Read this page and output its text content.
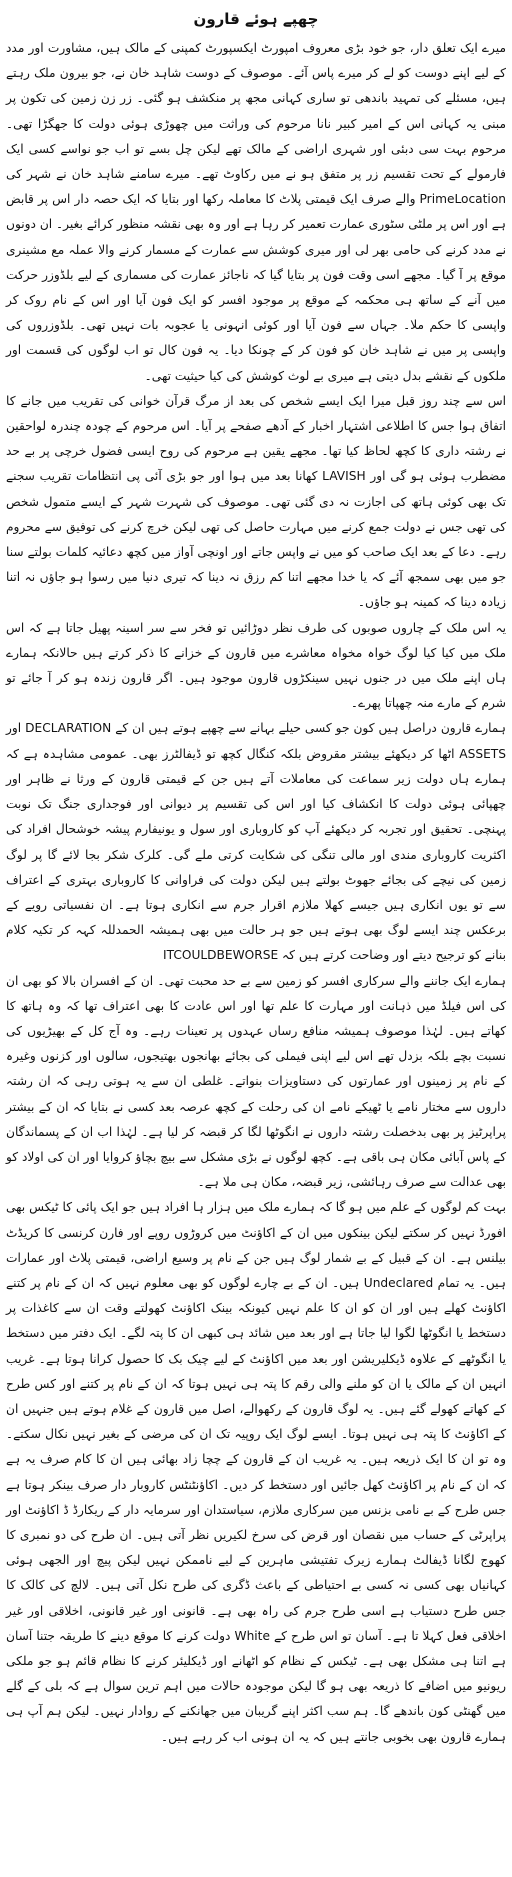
چھپے ہوئے قارون

میرے ایک تعلق دار، جو خود بڑی معروف امپورٹ ایکسپورٹ کمپنی کے مالک ہیں، مشاورت اور مدد کے لیے اپنے دوست کو لے کر میرے پاس آئے۔ موصوف کے دوست شاہد خان نے، جو بیرون ملک رہتے ہیں، مسئلے کی تمہید باندھی تو ساری کہانی مجھ پر منکشف ہو گئی۔ زر زن زمین کی تکون پر مبنی یہ کہانی اس کے امیر کبیر نانا مرحوم کی وراثت میں چھوڑی ہوئی دولت کا جھگڑا تھی۔ مرحوم بہت سی دبئی اور شہری اراضی کے مالک تھے لیکن چل بسے تو اب جو نواسے کسی ایک فارمولے کے تحت تقسیم زر پر متفق ہو نے میں رکاوٹ تھے۔ میرے سامنے شاہد خان نے شہر کی PrimeLocation والے صرف ایک قیمتی پلاٹ کا معاملہ رکھا اور بتایا کہ ایک حصہ دار اس پر قابض ہے اور اس پر ملٹی سٹوری عمارت تعمیر کر رہا ہے اور وہ بھی نقشہ منظور کرائے بغیر۔ ان دونوں نے مدد کرنے کی حامی بھر لی اور میری کوشش سے عمارت کے مسمار کرنے والا عملہ مع مشینری موقع پر آ گیا۔ مجھے اسی وقت فون پر بتایا گیا کہ ناجائز عمارت کی مسماری کے لیے بلڈوزر حرکت میں آنے کے ساتھ ہی محکمہ کے موقع پر موجود افسر کو ایک فون آیا اور اس کے نام روک کر واپسی کا حکم ملا۔ جہاں سے فون آیا اور کوئی انہونی یا عجوبہ بات نہیں تھی۔ بلڈوزروں کی واپسی پر میں نے شاہد خان کو فون کر کے چونکا دیا۔ یہ فون کال تو اب لوگوں کی قسمت اور ملکوں کے نقشے بدل دیتی ہے میری بے لوث کوشش کی کیا حیثیت تھی۔

اس سے چند روز قبل میرا ایک ایسے شخص کی بعد از مرگ قرآن خوانی کی تقریب میں جانے کا اتفاق ہوا جس کا اطلاعی اشتہار اخبار کے آدھے صفحے پر آیا۔ اس مرحوم کے چودہ چندرہ لواحقین نے رشتہ داری کا کچھ لحاظ کیا تھا۔ مجھے یقین ہے مرحوم کی روح ایسی فضول خرچی پر بے حد مضطرب ہوئی ہو گی اور LAVISH کھانا بعد میں ہوا اور جو بڑی آئی پی انتظامات تقریب سجنے تک بھی کوئی ہاتھ کی اجازت نہ دی گئی تھی۔ موصوف کی شہرت شہر کے ایسے متمول شخص کی تھی جس نے دولت جمع کرنے میں مہارت حاصل کی تھی لیکن خرچ کرنے کی توفیق سے محروم رہے۔ دعا کے بعد ایک صاحب کو میں نے واپس جاتے اور اونچی آواز میں کچھ دعائیہ کلمات بولتے سنا جو میں بھی سمجھ آئے کہ یا خدا مجھے اتنا کم رزق نہ دینا کہ تیری دنیا میں رسوا ہو جاؤں نہ اتنا زیادہ دینا کہ کمینہ ہو جاؤں۔

یہ اس ملک کے چاروں صوبوں کی طرف نظر دوڑائیں تو فخر سے سر اسینہ پھیل جاتا ہے کہ اس ملک میں کیا کیا لوگ خواہ مخواہ معاشرے میں قارون کے خزانے کا ذکر کرتے ہیں حالانکہ ہمارے ہاں اپنے ملک میں در جنوں نہیں سینکڑوں قارون موجود ہیں۔ اگر قارون زندہ ہو کر آ جائے تو شرم کے مارے منہ چھپاتا پھرے۔

ہمارے قارون دراصل ہیں کون جو کسی حیلے بہانے سے چھپے ہوتے ہیں ان کے DECLARATION اور ASSETS اٹھا کر دیکھئے بیشتر مقروض بلکہ کنگال کچھ تو ڈیفالٹرز بھی۔ عمومی مشاہدہ ہے کہ ہمارے ہاں دولت زیر سماعت کی معاملات آتے ہیں جن کے قیمتی قارون کے ورثا نے ظاہر اور چھپائی ہوئی دولت کا انکشاف کیا اور اس کی تقسیم پر دیوانی اور فوجداری جنگ تک نوبت پہنچی۔ تحقیق اور تجربہ کر دیکھئے آپ کو کاروباری اور سول و یونیفارم پیشہ خوشحال افراد کی اکثریت کاروباری مندی اور مالی تنگی کی شکایت کرتی ملے گی۔ کلرک شکر بجا لائے گا پر لوگ زمین کی نیچے کی بجائے جھوٹ بولتے ہیں لیکن دولت کی فراوانی کا کاروباری بہتری کے اعتراف سے تو یوں انکاری ہیں جیسے کھلا ملازم اقرار جرم سے انکاری ہوتا ہے۔ ان نفسیاتی رویے کے برعکس چند ایسے لوگ بھی ہوتے ہیں جو ہر حالت میں بھی ہمیشہ الحمدللہ کہہ کر تکیہ کلام بنانے کو ترجیح دیتے اور وضاحت کرتے ہیں کہ ITCOULDBEWORSE

ہمارے ایک جاننے والے سرکاری افسر کو زمین سے بے حد محبت تھی۔ ان کے افسران بالا کو بھی ان کی اس فیلڈ میں ذہانت اور مہارت کا علم تھا اور اس عادت کا بھی اعتراف تھا کہ وہ ہاتھ کا کھاتے ہیں۔ لہٰذا موصوف ہمیشہ منافع رساں عہدوں پر تعینات رہے۔ وہ آج کل کے بھیڑیوں کی نسبت بچے بلکہ بزدل تھے اس لیے اپنی فیملی کی بجائے بھانجوں بھتیجوں، سالوں اور کزنوں وغیرہ کے نام پر زمینوں اور عمارتوں کی دستاویزات بنواتے۔ غلطی ان سے یہ ہوتی رہی کہ ان رشتہ داروں سے مختار نامے یا ٹھیکے نامے ان کی رحلت کے کچھ عرصہ بعد کسی نے بتایا کہ ان کے بیشتر پراپرٹیز پر بھی بدخصلت رشتہ داروں نے انگوٹھا لگا کر قبضہ کر لیا ہے۔ لہٰذا اب ان کے پسماندگان کے پاس آبائی مکان ہی باقی ہے۔ کچھ لوگوں نے بڑی مشکل سے بیچ بچاؤ کروایا اور ان کی اولاد کو بھی عدالت سے صرف رہائشی، زیر قبضہ، مکان ہی ملا ہے۔

بہت کم لوگوں کے علم میں ہو گا کہ ہمارے ملک میں ہزار ہا افراد ہیں جو ایک پائی کا ٹیکس بھی افورڈ نہیں کر سکتے لیکن بینکوں میں ان کے اکاؤنٹ میں کروڑوں روپے اور فارن کرنسی کا کریڈٹ بیلنس ہے۔ ان کے قبیل کے بے شمار لوگ ہیں جن کے نام پر وسیع اراضی، قیمتی پلاٹ اور عمارات ہیں۔ یہ تمام Undeclared ہیں۔ ان کے بے چارے لوگوں کو بھی معلوم نہیں کہ ان کے نام پر کتنے اکاؤنٹ کھلے ہیں اور ان کو ان کا علم نہیں کیونکہ بینک اکاؤنٹ کھولتے وقت ان سے کاغذات پر دستخط یا انگوٹھا لگوا لیا جاتا ہے اور بعد میں شائد ہی کبھی ان کا پتہ لگے۔ ایک دفتر میں دستخط یا انگوٹھے کے علاوہ ڈیکلیریشن اور بعد میں اکاؤنٹ کے لیے چیک بک کا حصول کرانا ہوتا ہے۔ غریب انہیں ان کے مالک یا ان کو ملنے والی رقم کا پتہ ہی نہیں ہوتا کہ ان کے نام پر کتنے اور کس طرح کے کھاتے کھولے گئے ہیں۔ یہ لوگ قارون کے رکھوالے، اصل میں قارون کے غلام ہوتے ہیں جنہیں ان کے اکاؤنٹ کا پتہ ہی نہیں ہوتا۔ ایسے لوگ ایک روپیہ تک ان کی مرضی کے بغیر نہیں نکال سکتے۔ وہ تو ان کا ایک ذریعہ ہیں۔ یہ غریب ان کے قارون کے چچا زاد بھائی ہیں ان کا کام صرف یہ ہے کہ ان کے نام پر اکاؤنٹ کھل جائیں اور دستخط کر دیں۔ اکاؤنٹنٹس کاروبار دار صرف بینکر ہوتا ہے جس طرح کے بے نامی بزنس مین سرکاری ملازم، سیاستدان اور سرمایہ دار کے ریکارڈ ڈ اکاؤنٹ اور پراپرٹی کے حساب میں نقصان اور قرض کی سرخ لکیریں نظر آتی ہیں۔ ان طرح کی دو نمبری کا کھوج لگانا ڈیفالٹ ہمارے زیرک تفتیشی ماہرین کے لیے ناممکن نہیں لیکن پیچ اور الجھی ہوئی کہانیاں بھی کسی نہ کسی بے احتیاطی کے باعث ڈگری کی طرح نکل آتی ہیں۔ لالچ کی کالک کا جس طرح دستیاب ہے اسی طرح جرم کی راہ بھی ہے۔ قانونی اور غیر قانونی، اخلاقی اور غیر اخلاقی فعل کہلا تا ہے۔ آسان تو اس طرح کے White دولت کرنے کا موقع دینے کا طریقہ جتنا آسان ہے اتنا ہی مشکل بھی ہے۔ ٹیکس کے نظام کو اٹھانے اور ڈیکلیئر کرنے کا نظام قائم ہو جو ملکی ریونیو میں اضافے کا ذریعہ بھی ہو گا لیکن موجودہ حالات میں اہم ترین سوال ہے کہ بلی کے گلے میں گھنٹی کون باندھے گا۔ ہم سب اکثر اپنے گریبان میں جھانکنے کے روادار نہیں۔ لیکن ہم آپ ہی ہمارے قارون بھی بخوبی جانتے ہیں کہ یہ ان ہونی اب کر رہے ہیں۔
